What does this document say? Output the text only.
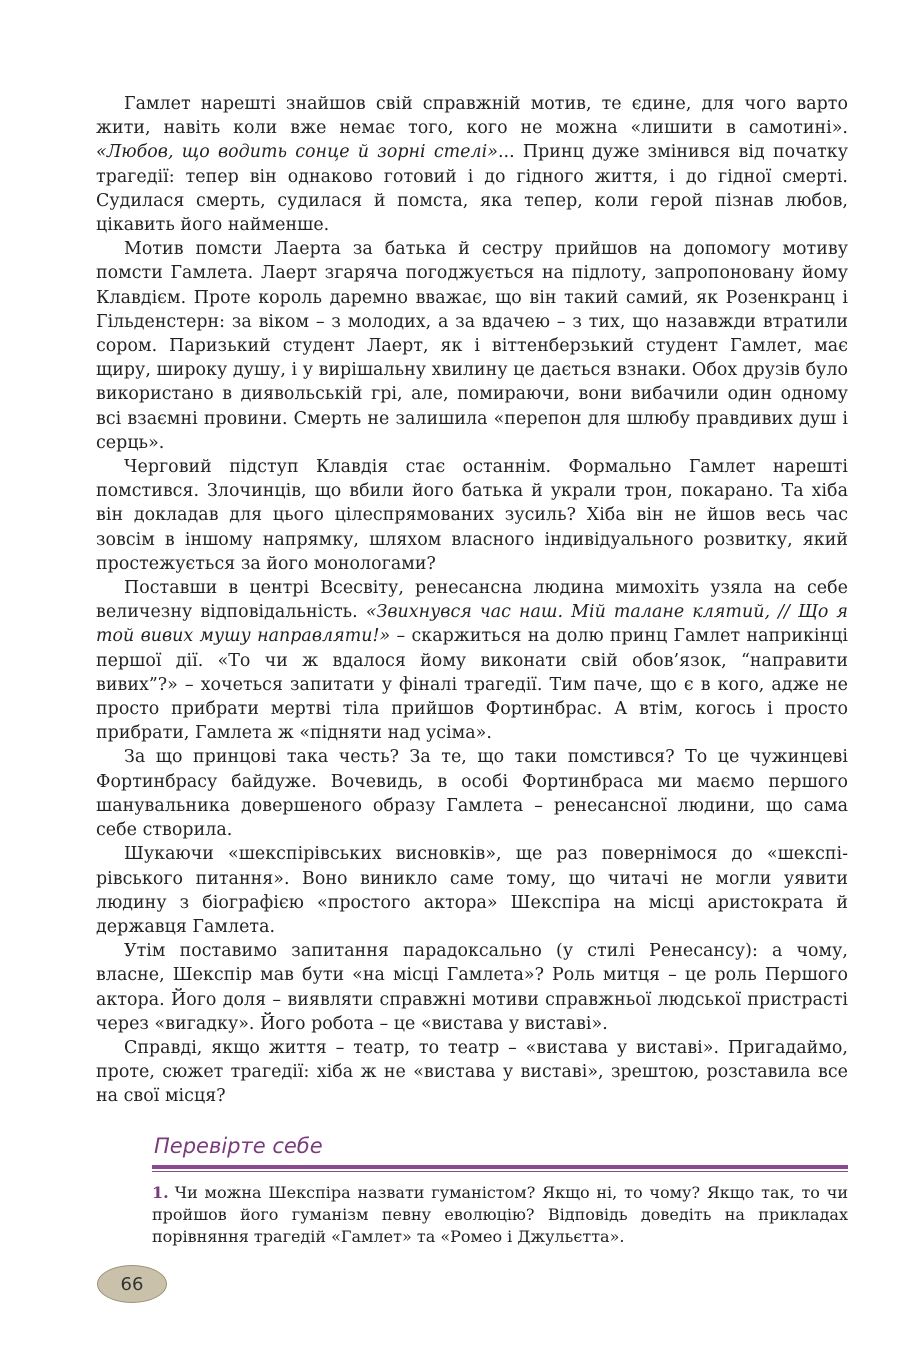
Гамлет нарешті знайшов свій справжній мотив, те єдине, для чого варто жити, навіть коли вже немає того, кого не можна «лишити в самотині». «Любов, що водить сонце й зорні стелі»... Принц дуже змінився від початку трагедії: тепер він однаково готовий і до гідного життя, і до гідної смерті. Судилася смерть, судилася й помста, яка тепер, коли герой пізнав любов, цікавить його найменше.

Мотив помсти Лаерта за батька й сестру прийшов на допомогу мотиву помсти Гамлета. Лаерт згаряча погоджується на підлоту, запропоновану йому Клавдієм. Проте король даремно вважає, що він такий самий, як Розенкранц і Гільденстерн: за віком – з молодих, а за вдачею – з тих, що назавжди втратили сором. Паризький студент Лаерт, як і віттенберзький студент Гамлет, має щиру, широку душу, і у вирішальну хвилину це дається взнаки. Обох друзів було використано в диявольській грі, але, помираючи, вони вибачили один одному всі взаємні провини. Смерть не залишила «перепон для шлюбу правдивих душ і серць».

Черговий підступ Клавдія стає останнім. Формально Гамлет нарешті помстився. Злочинців, що вбили його батька й украли трон, покарано. Та хіба він докладав для цього цілеспрямованих зусиль? Хіба він не йшов весь час зовсім в іншому напрямку, шляхом власного індивідуального розвитку, який простежується за його монологами?

Поставши в центрі Всесвіту, ренесансна людина мимохіть узяла на себе величезну відповідальність. «Звихнувся час наш. Мій талане клятий, // Що я той вивих мушу направляти!» – скаржиться на долю принц Гамлет наприкінці першої дії. «То чи ж вдалося йому виконати свій обов’язок, “направити вивих”?» – хочеться запитати у фіналі трагедії. Тим паче, що є в кого, адже не просто прибрати мертві тіла прийшов Фортинбрас. А втім, когось і просто прибрати, Гамлета ж «підняти над усіма».

За що принцові така честь? За те, що таки помстився? То це чужинцеві Фортинбрасу байдуже. Вочевидь, в особі Фортинбраса ми маємо першого шанувальника довершеного образу Гамлета – ренесансної людини, що сама себе створила.

Шукаючи «шекспірівських висновків», ще раз повернімося до «шекспірівського питання». Воно виникло саме тому, що читачі не могли уявити людину з біографією «простого актора» Шекспіра на місці аристократа й державця Гамлета.

Утім поставимо запитання парадоксально (у стилі Ренесансу): а чому, власне, Шекспір мав бути «на місці Гамлета»? Роль митця – це роль Першого актора. Його доля – виявляти справжні мотиви справжньої людської пристрасті через «вигадку». Його робота – це «вистава у виставі».

Справді, якщо життя – театр, то театр – «вистава у виставі». Пригадаймо, проте, сюжет трагедії: хіба ж не «вистава у виставі», зрештою, розставила все на свої місця?

Перевірте себе

1. Чи можна Шекспіра назвати гуманістом? Якщо ні, то чому? Якщо так, то чи пройшов його гуманізм певну еволюцію? Відповідь доведіть на прикладах порівняння трагедій «Гамлет» та «Ромео і Джульєтта».

66
